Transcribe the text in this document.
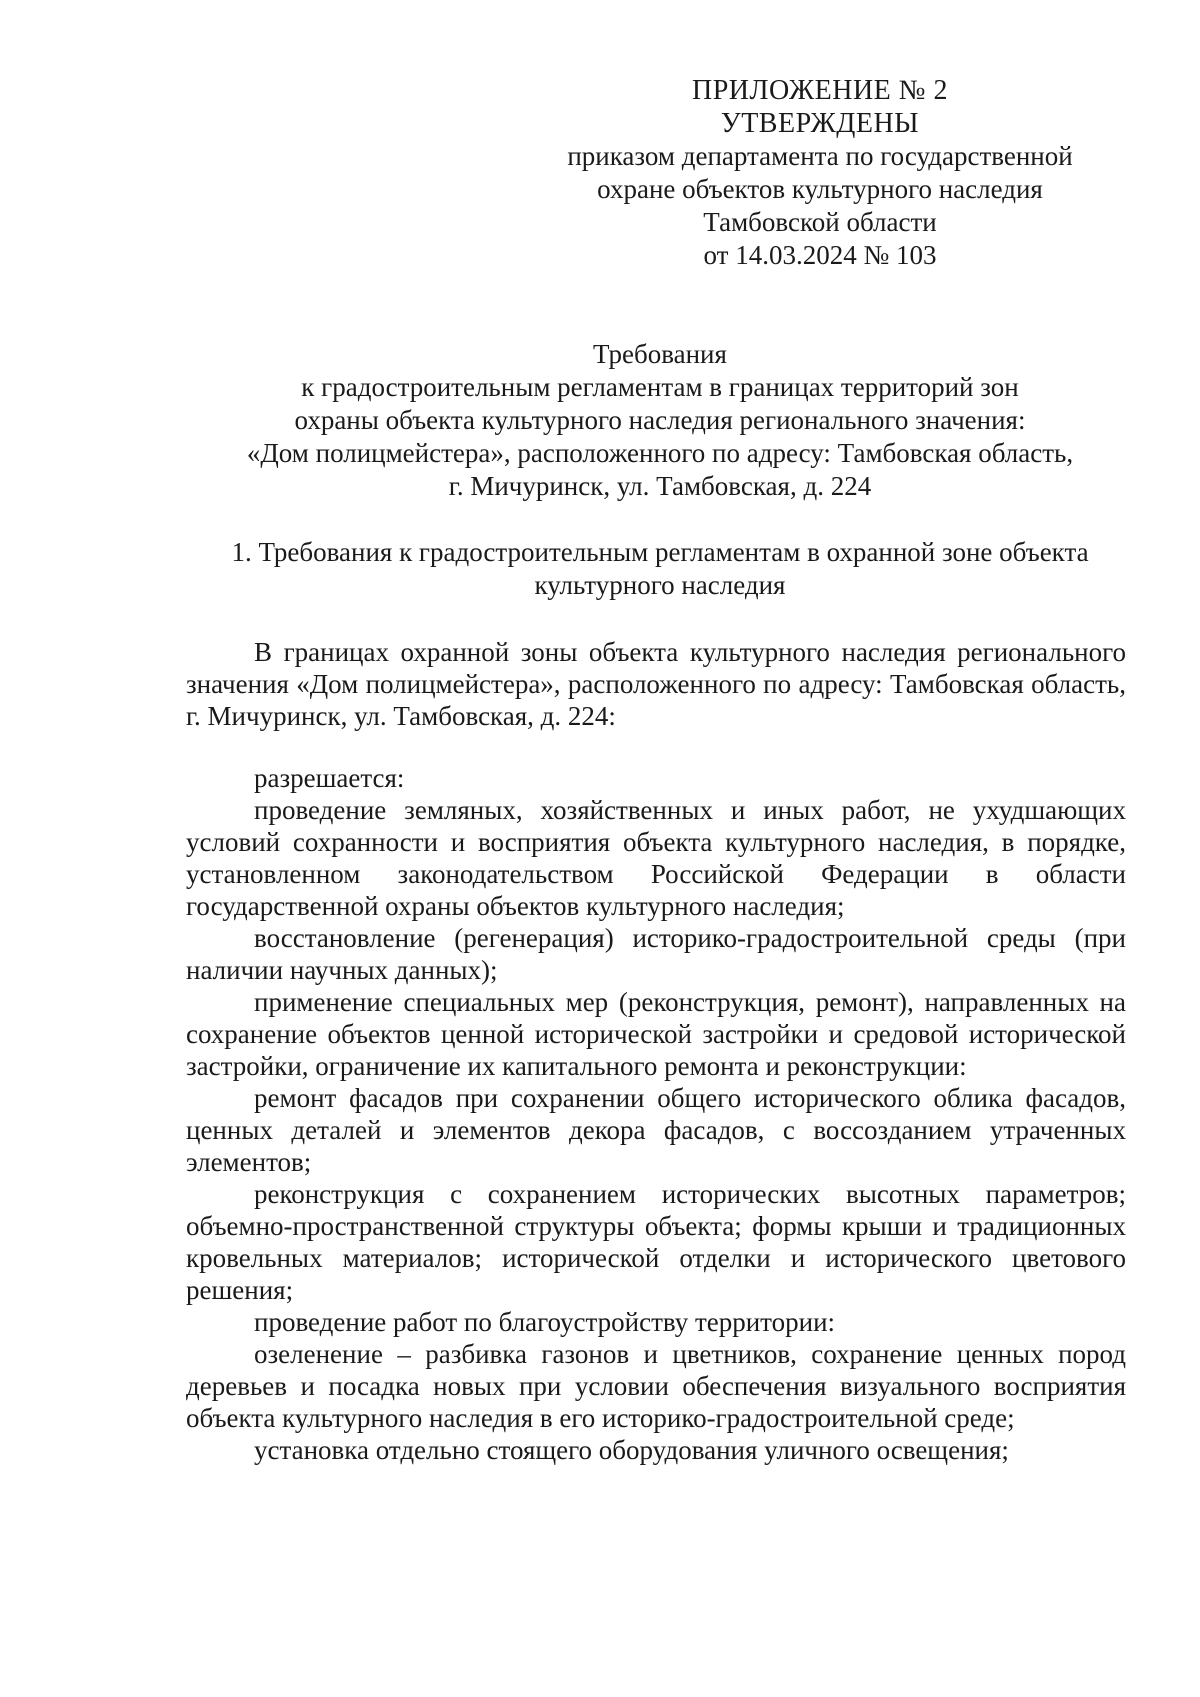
ПРИЛОЖЕНИЕ № 2
УТВЕРЖДЕНЫ
приказом департамента по государственной
охране объектов культурного наследия
Тамбовской области
от 14.03.2024 № 103
Требования
к градостроительным регламентам в границах территорий зон
охраны объекта культурного наследия регионального значения:
«Дом полицмейстера», расположенного по адресу: Тамбовская область,
г. Мичуринск, ул. Тамбовская, д. 224
1. Требования к градостроительным регламентам в охранной зоне объекта
культурного наследия

В границах охранной зоны объекта культурного наследия регионального значения «Дом полицмейстера», расположенного по адресу: Тамбовская область, г. Мичуринск, ул. Тамбовская, д. 224:

разрешается:

проведение земляных, хозяйственных и иных работ, не ухудшающих условий сохранности и восприятия объекта культурного наследия, в порядке, установленном законодательством Российской Федерации в области государственной охраны объектов культурного наследия;

восстановление (регенерация) историко-градостроительной среды (при наличии научных данных);

применение специальных мер (реконструкция, ремонт), направленных на сохранение объектов ценной исторической застройки и средовой исторической застройки, ограничение их капитального ремонта и реконструкции:

ремонт фасадов при сохранении общего исторического облика фасадов, ценных деталей и элементов декора фасадов, с воссозданием утраченных элементов;

реконструкция с сохранением исторических высотных параметров; объемно-пространственной структуры объекта; формы крыши и традиционных кровельных материалов; исторической отделки и исторического цветового решения;

проведение работ по благоустройству территории:

озеленение – разбивка газонов и цветников, сохранение ценных пород деревьев и посадка новых при условии обеспечения визуального восприятия объекта культурного наследия в его историко-градостроительной среде;

установка отдельно стоящего оборудования уличного освещения;
